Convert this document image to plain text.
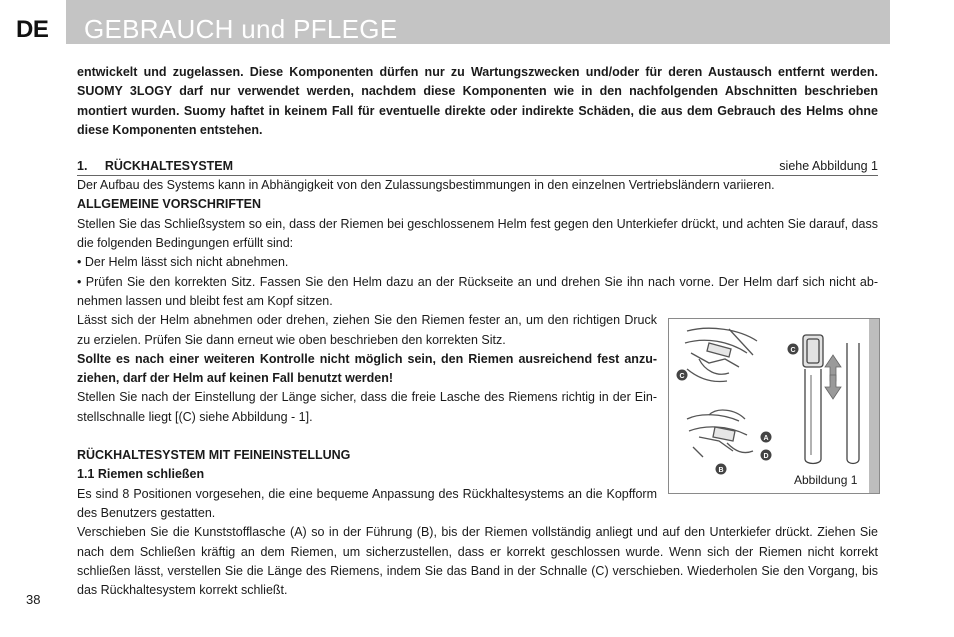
DE GEBRAUCH und PFLEGE

entwickelt und zugelassen. Diese Komponenten dürfen nur zu Wartungszwecken und/oder für deren Austausch entfernt werden. SUOMY 3LOGY darf nur verwendet werden, nachdem diese Komponenten wie in den nachfolgenden Abschnitten beschrieben montiert wurden. Suomy haftet in keinem Fall für eventuelle direkte oder indirekte Schäden, die aus dem Gebrauch des Helms ohne diese Komponenten entstehen.

1. RÜCKHALTESYSTEM	siehe Abbildung 1

Der Aufbau des Systems kann in Abhängigkeit von den Zulassungsbestimmungen in den einzelnen Vertriebsländern variieren.

ALLGEMEINE VORSCHRIFTEN

Stellen Sie das Schließsystem so ein, dass der Riemen bei geschlossenem Helm fest gegen den Unterkiefer drückt, und achten Sie darauf, dass die folgenden Bedingungen erfüllt sind:

• Der Helm lässt sich nicht abnehmen.

• Prüfen Sie den korrekten Sitz. Fassen Sie den Helm dazu an der Rückseite an und drehen Sie ihn nach vorne. Der Helm darf sich nicht ab-nehmen lassen und bleibt fest am Kopf sitzen.

Lässt sich der Helm abnehmen oder drehen, ziehen Sie den Riemen fester an, um den richtigen Druck zu erzielen. Prüfen Sie dann erneut wie oben beschrieben den korrekten Sitz.

Sollte es nach einer weiteren Kontrolle nicht möglich sein, den Riemen ausreichend fest anzu-ziehen, darf der Helm auf keinen Fall benutzt werden!

Stellen Sie nach der Einstellung der Länge sicher, dass die freie Lasche des Riemens richtig in der Ein-stellschnalle liegt [(C) siehe Abbildung - 1].

RÜCKHALTESYSTEM MIT FEINEINSTELLUNG

1.1 Riemen schließen

Es sind 8 Positionen vorgesehen, die eine bequeme Anpassung des Rückhaltesystems an die Kopfform des Benutzers gestatten.

Verschieben Sie die Kunststofflasche (A) so in der Führung (B), bis der Riemen vollständig anliegt und auf den Unterkiefer drückt. Ziehen Sie nach dem Schließen kräftig an dem Riemen, um sicherzustellen, dass er korrekt geschlossen wurde. Wenn sich der Riemen nicht korrekt schließen lässt, verstellen Sie die Länge des Riemens, indem Sie das Band in der Schnalle (C) verschieben. Wiederholen Sie den Vorgang, bis das Rückhaltesystem korrekt schließt.

C
A
D
B
C
Abbildung 1
38
